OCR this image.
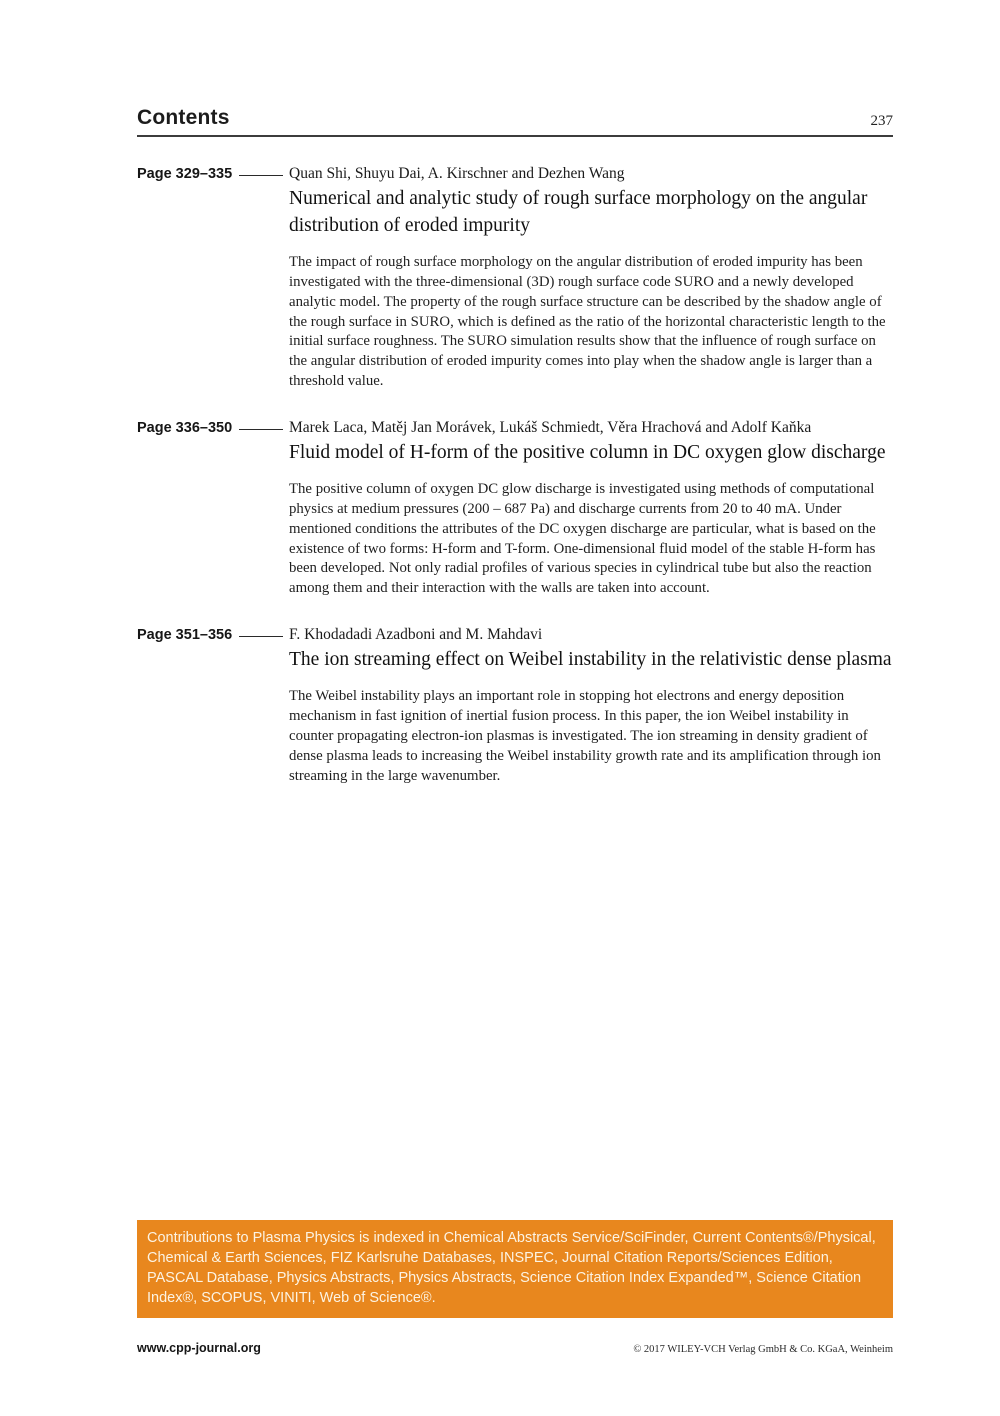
Contents	237
Page 329–335	Quan Shi, Shuyu Dai, A. Kirschner and Dezhen Wang
Numerical and analytic study of rough surface morphology on the angular distribution of eroded impurity
The impact of rough surface morphology on the angular distribution of eroded impurity has been investigated with the three-dimensional (3D) rough surface code SURO and a newly developed analytic model. The property of the rough surface structure can be described by the shadow angle of the rough surface in SURO, which is defined as the ratio of the horizontal characteristic length to the initial surface roughness. The SURO simulation results show that the influence of rough surface on the angular distribution of eroded impurity comes into play when the shadow angle is larger than a threshold value.
Page 336–350	Marek Laca, Matěj Jan Morávek, Lukáš Schmiedt, Věra Hrachová and Adolf Kaňka
Fluid model of H-form of the positive column in DC oxygen glow discharge
The positive column of oxygen DC glow discharge is investigated using methods of computational physics at medium pressures (200 – 687 Pa) and discharge currents from 20 to 40 mA. Under mentioned conditions the attributes of the DC oxygen discharge are particular, what is based on the existence of two forms: H-form and T-form. One-dimensional fluid model of the stable H-form has been developed. Not only radial profiles of various species in cylindrical tube but also the reaction among them and their interaction with the walls are taken into account.
Page 351–356	F. Khodadadi Azadboni and M. Mahdavi
The ion streaming effect on Weibel instability in the relativistic dense plasma
The Weibel instability plays an important role in stopping hot electrons and energy deposition mechanism in fast ignition of inertial fusion process. In this paper, the ion Weibel instability in counter propagating electron-ion plasmas is investigated. The ion streaming in density gradient of dense plasma leads to increasing the Weibel instability growth rate and its amplification through ion streaming in the large wavenumber.
Contributions to Plasma Physics is indexed in Chemical Abstracts Service/SciFinder, Current Contents®/Physical, Chemical & Earth Sciences, FIZ Karlsruhe Databases, INSPEC, Journal Citation Reports/Sciences Edition, PASCAL Database, Physics Abstracts, Physics Abstracts, Science Citation Index Expanded™, Science Citation Index®, SCOPUS, VINITI, Web of Science®.
www.cpp-journal.org	© 2017 WILEY-VCH Verlag GmbH & Co. KGaA, Weinheim
